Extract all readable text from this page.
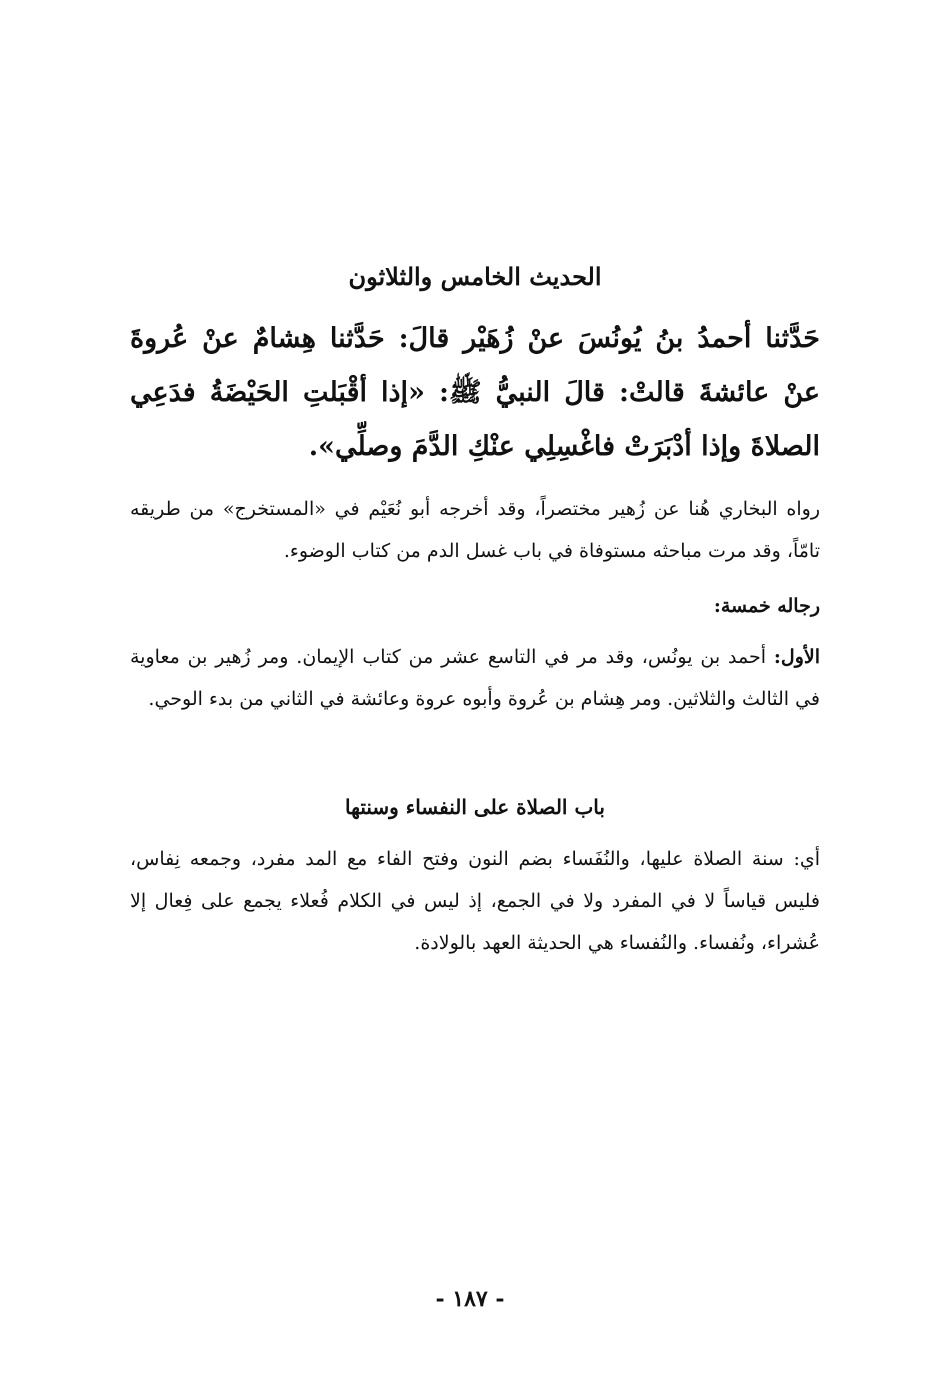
الحديث الخامس والثلاثون

حَدَّثنا أحمدُ بنُ يُونُسَ عنْ زُهَيْر قالَ: حَدَّثنا هِشامٌ عنْ عُروةَ عنْ عائشةَ قالتْ: قالَ النبيُّ ﷺ: «إذا أقْبَلتِ الحَيْضَةُ فدَعِي الصلاةَ وإذا أدْبَرَتْ فاغْسِلِي عنْكِ الدَّمَ وصلِّي».

رواه البخاري هُنا عن زُهير مختصراً، وقد أخرجه أبو نُعَيْم في «المستخرج» من طريقه تامّاً، وقد مرت مباحثه مستوفاة في باب غسل الدم من كتاب الوضوء.

رجاله خمسة:

الأول: أحمد بن يونُس، وقد مر في التاسع عشر من كتاب الإيمان. ومر زُهير بن معاوية في الثالث والثلاثين. ومر هِشام بن عُروة وأبوه عروة وعائشة في الثاني من بدء الوحي.

باب الصلاة على النفساء وسنتها

أي: سنة الصلاة عليها، والنُفَساء بضم النون وفتح الفاء مع المد مفرد، وجمعه نِفاس، فليس قياساً لا في المفرد ولا في الجمع، إذ ليس في الكلام فُعلاء يجمع على فِعال إلا عُشراء، ونُفساء. والنُفساء هي الحديثة العهد بالولادة.

- ١٨٧ -
